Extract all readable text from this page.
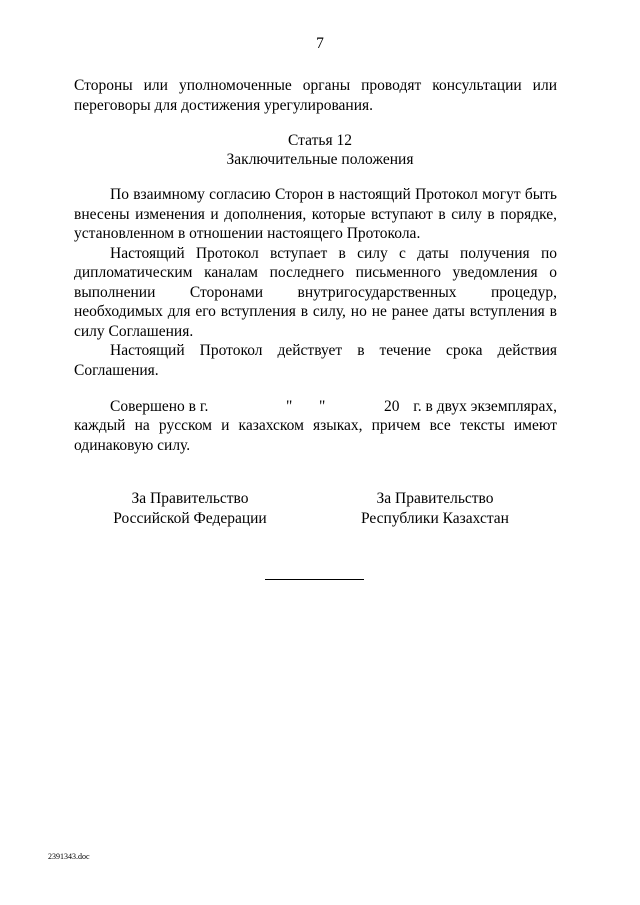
7

Стороны или уполномоченные органы проводят консультации или переговоры для достижения урегулирования.

Статья 12
Заключительные положения

По взаимному согласию Сторон в настоящий Протокол могут быть внесены изменения и дополнения, которые вступают в силу в порядке, установленном в отношении настоящего Протокола.

Настоящий Протокол вступает в силу с даты получения по дипломатическим каналам последнего письменного уведомления о выполнении Сторонами внутригосударственных процедур, необходимых для его вступления в силу, но не ранее даты вступления в силу Соглашения.

Настоящий Протокол действует в течение срока действия Соглашения.

Совершено в г.	" "	20 г. в двух экземплярах,

каждый на русском и казахском языках, причем все тексты имеют одинаковую силу.

За Правительство
Российской Федерации
За Правительство
Республики Казахстан
2391343.doc
